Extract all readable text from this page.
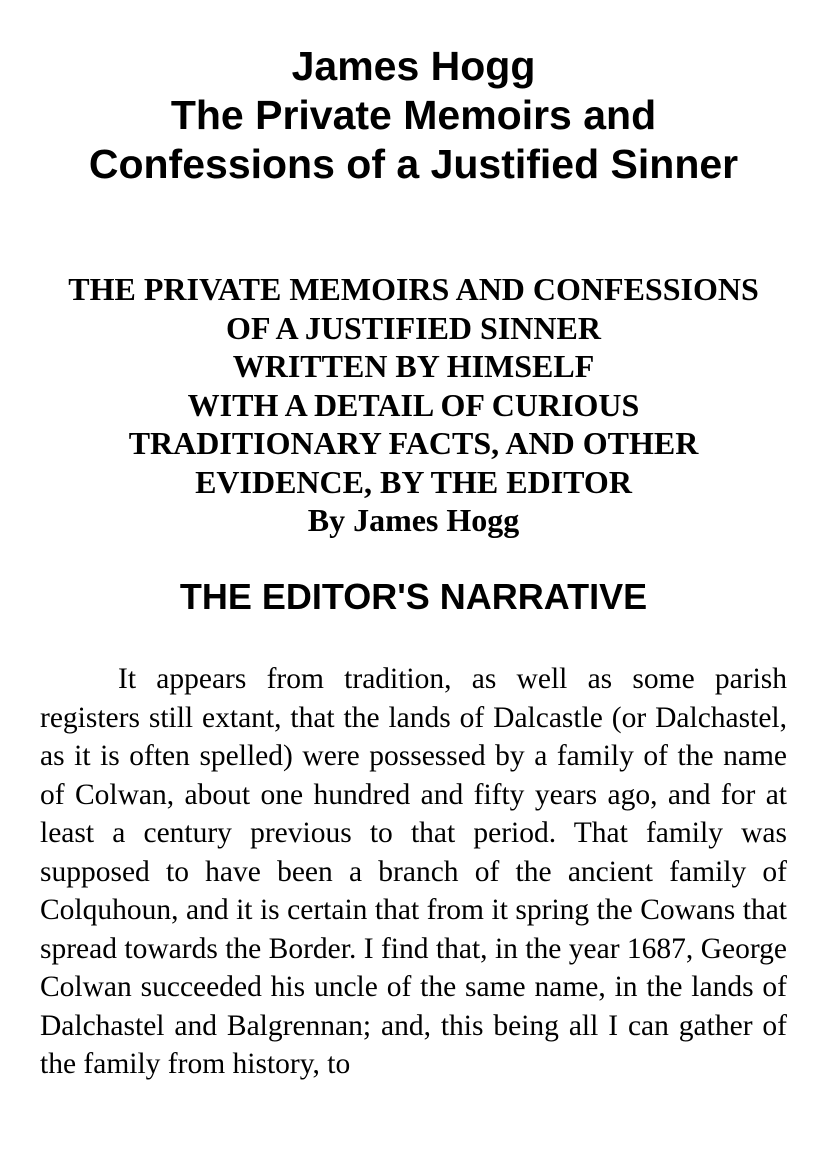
James Hogg
The Private Memoirs and
Confessions of a Justified Sinner
THE PRIVATE MEMOIRS AND CONFESSIONS
OF A JUSTIFIED SINNER
WRITTEN BY HIMSELF
WITH A DETAIL OF CURIOUS
TRADITIONARY FACTS, AND OTHER
EVIDENCE, BY THE EDITOR
By James Hogg
THE EDITOR'S NARRATIVE

It appears from tradition, as well as some parish registers still extant, that the lands of Dalcastle (or Dalchastel, as it is often spelled) were possessed by a family of the name of Colwan, about one hundred and fifty years ago, and for at least a century previous to that period. That family was supposed to have been a branch of the ancient family of Colquhoun, and it is certain that from it spring the Cowans that spread towards the Border. I find that, in the year 1687, George Colwan succeeded his uncle of the same name, in the lands of Dalchastel and Balgrennan; and, this being all I can gather of the family from history, to
